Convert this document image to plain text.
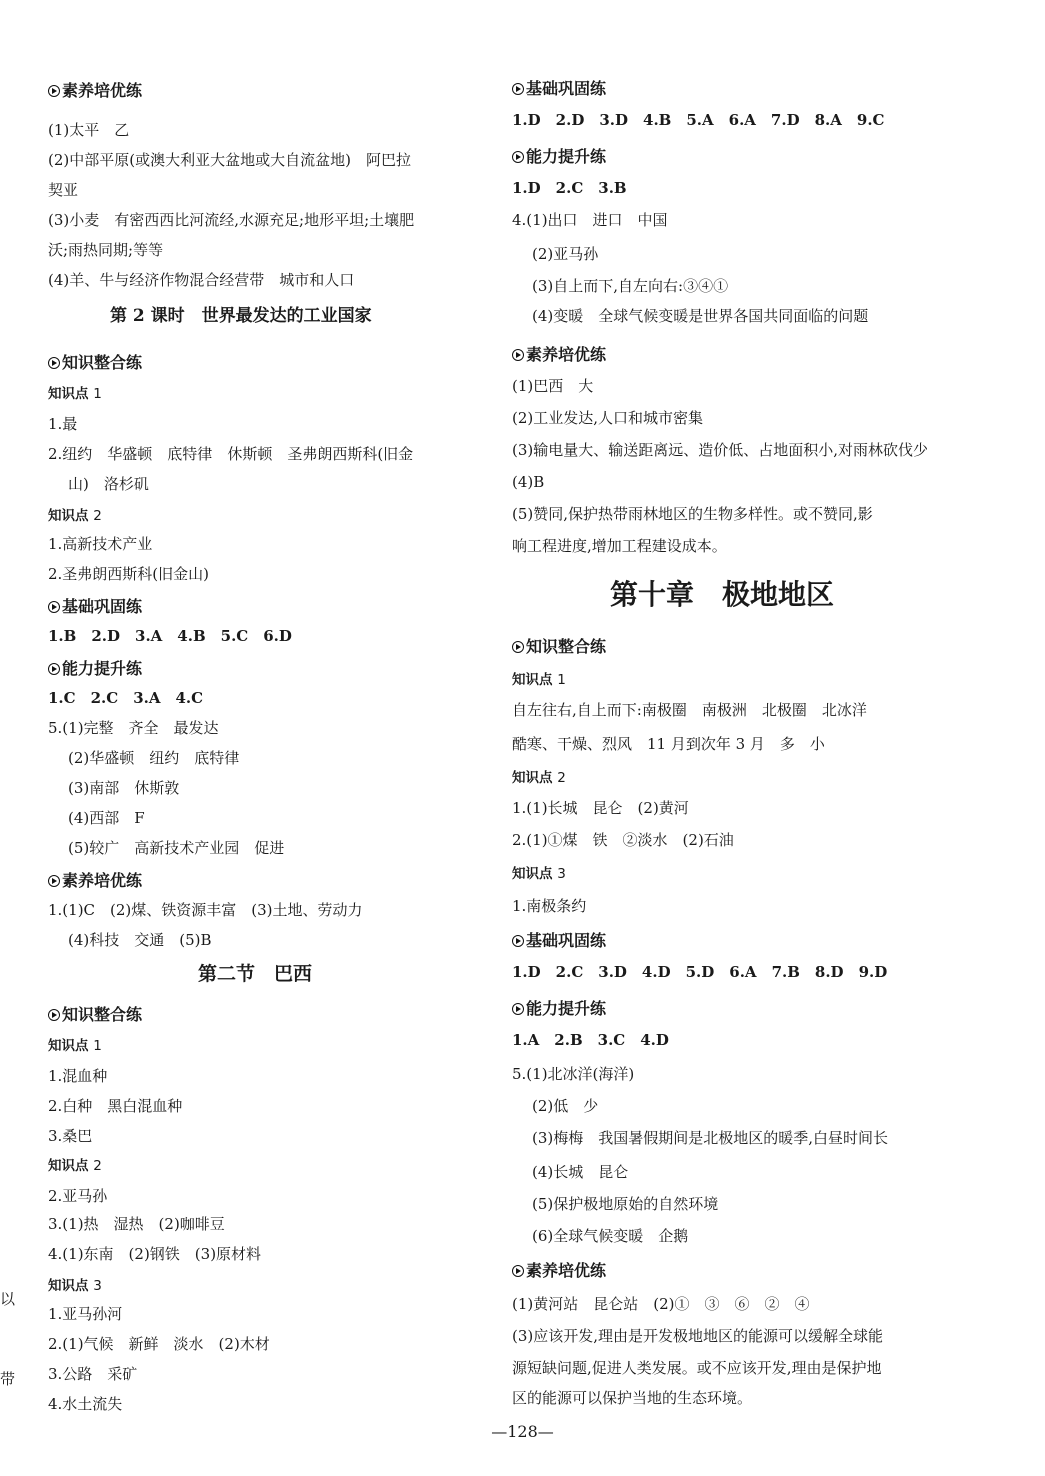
素养培优练
(1)太平　乙
(2)中部平原(或澳大利亚大盆地或大自流盆地)　阿巴拉
契亚
(3)小麦　有密西西比河流经,水源充足;地形平坦;土壤肥
沃;雨热同期;等等
(4)羊、牛与经济作物混合经营带　城市和人口
第 2 课时　世界最发达的工业国家
知识整合练
知识点 1
1.最
2.纽约　华盛顿　底特律　休斯顿　圣弗朗西斯科(旧金
山)　洛杉矶
知识点 2
1.高新技术产业
2.圣弗朗西斯科(旧金山)
基础巩固练
1.B　2.D　3.A　4.B　5.C　6.D
能力提升练
1.C　2.C　3.A　4.C
5.(1)完整　齐全　最发达
(2)华盛顿　纽约　底特律
(3)南部　休斯敦
(4)西部　F
(5)较广　高新技术产业园　促进
素养培优练
1.(1)C　(2)煤、铁资源丰富　(3)土地、劳动力
(4)科技　交通　(5)B
第二节　巴西
知识整合练
知识点 1
1.混血种
2.白种　黑白混血种
3.桑巴
知识点 2
2.亚马孙
3.(1)热　湿热　(2)咖啡豆
4.(1)东南　(2)钢铁　(3)原材料
知识点 3
1.亚马孙河
2.(1)气候　新鲜　淡水　(2)木材
3.公路　采矿
4.水土流失
基础巩固练
1.D　2.D　3.D　4.B　5.A　6.A　7.D　8.A　9.C
能力提升练
1.D　2.C　3.B
4.(1)出口　进口　中国
(2)亚马孙
(3)自上而下,自左向右:③④①
(4)变暖　全球气候变暖是世界各国共同面临的问题
素养培优练
(1)巴西　大
(2)工业发达,人口和城市密集
(3)输电量大、输送距离远、造价低、占地面积小,对雨林砍伐少
(4)B
(5)赞同,保护热带雨林地区的生物多样性。或不赞同,影
响工程进度,增加工程建设成本。
第十章　极地地区
知识整合练
知识点 1
自左往右,自上而下:南极圈　南极洲　北极圈　北冰洋
酷寒、干燥、烈风　11 月到次年 3 月　多　小
知识点 2
1.(1)长城　昆仑　(2)黄河
2.(1)①煤　铁　②淡水　(2)石油
知识点 3
1.南极条约
基础巩固练
1.D　2.C　3.D　4.D　5.D　6.A　7.B　8.D　9.D
能力提升练
1.A　2.B　3.C　4.D
5.(1)北冰洋(海洋)
(2)低　少
(3)梅梅　我国暑假期间是北极地区的暖季,白昼时间长
(4)长城　昆仑
(5)保护极地原始的自然环境
(6)全球气候变暖　企鹅
素养培优练
(1)黄河站　昆仑站　(2)①　③　⑥　②　④
(3)应该开发,理由是开发极地地区的能源可以缓解全球能
源短缺问题,促进人类发展。或不应该开发,理由是保护地
区的能源可以保护当地的生态环境。
—128—
以
带
